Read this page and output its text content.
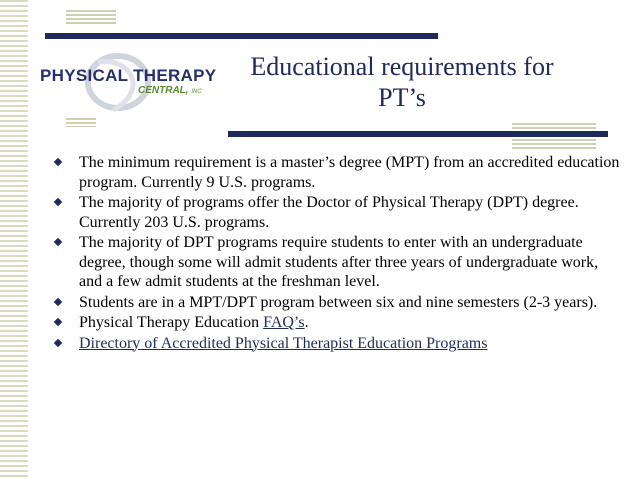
PHYSICAL THERAPY
CENTRAL, INC
Educational requirements for
PT’s
The minimum requirement is a master’s degree (MPT) from an accredited education program. Currently 9 U.S. programs.
The majority of programs offer the Doctor of Physical Therapy (DPT) degree. Currently 203 U.S. programs.
The majority of DPT programs require students to enter with an undergraduate degree, though some will admit students after three years of undergraduate work, and a few admit students at the freshman level.
Students are in a MPT/DPT program between six and nine semesters (2-3 years).
Physical Therapy Education FAQ’s.
Directory of Accredited Physical Therapist Education Programs
